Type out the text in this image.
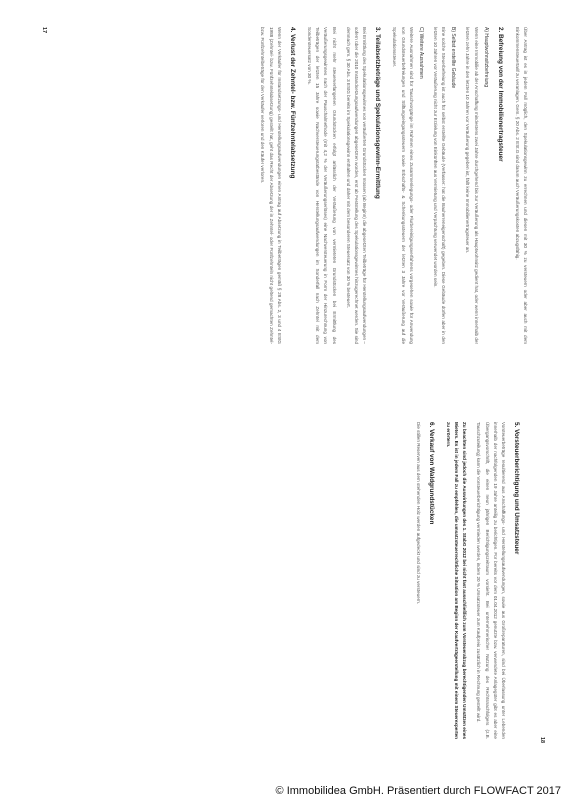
Über Antrag ist es in jedem Fall möglich, den Spekulationsgewinn zu errechnen und diesen mit 30 % zu versteuern oder aber auch mit dem Einkommensteuertarif zu veranlagen. Gem. § 20 Abs. 2 ESt.G sind darum auch Veräußerungskosten abzugsfähig.

2. Befreiung von der Immobilienertragsteuer
A) Hauptwohnsitzbefreiung

Wenn eine Immobilie ab der Anschaffung mindestens zwei Jahre durchgehend bis zur Veräußerung als Hauptwohnsitz gedient hat, oder wenn innerhalb der letzten zehn Jahre in den letzten 10 Jahren vor Veräußerung gegeben ist, fällt keine Immobilienertragsteuer an.

B) Selbst erstellte Gebäude

Eine solche Steuerbefreiung ist auch für selbst erstellte Gebäude (Verfasser: hat die Bauherreneigenschaft) gegeben. Diese Gebäude dürfen aber in den letzten 10 Jahren vor Veräußerung nicht zur Erzielung von Einkünften aus Vermietung und Verpachtung verwendet worden sein.

C) Weitere Ausnahmen

Weitere Ausnahmen sind für Tauschvorgänge im Rahmen eines Zusammenlegungs- oder Flurbereinigungsverfahrens vorgesehen sowie für Anwendung von Grundsteuerbefreiungen und Stiftungseingangssteuern sowie Erbschafts- & Schenkungssteuern der letzten 3 Jahre vor Veräußerung auf die Spekulationssteuer.

3. Teilabsetzbeträge und Spekulationsgewinn-Ermittlung

Bei Ermittlung des Spekulationsgewinnes von veräußerten Grundstücken müssen (ab Beginn) die abgesetzten Teilbeträge für Herstellungsaufwendungen – sofern über die 2010 Instandsetzungsaufwendungen abgesetzten worden, erst ab Feststellung des Spekulationsgewinnes hinzugerechnet werden. Sie sind demnach gem. § 30 Abs. 3 EStG bereits im Spekulationsgewinn enthalten und daher mit dem besonderen Steuersatz von 30 % besteuert.

Bei nicht mehr steuerverfangenen Grundstücken erfolgt anlässlich der Veräußerung von vermieteten Grundstücken bei Ermittlung des Veräußerungsgewinnes nach der Pauschalmethode (mit 4,2 % der Veräußerungserlöses) eine Nachversteuerung in Form der Hinzurechnung von Teilbeträgen der letzten 15 Jahre sowie Nachversteuerungstatbestände von Herstellungsaufwendungen im Sonderfall nach Zehntel mit dem Sondersteuersatz von 30 %.

4. Verlust der Zehntel- bzw. Fünfzehntelabsetzung

Wenn der Verkäufer für Instandsetzungs- und Herstellungsaufwendungen einen Antrag auf Absetzung in Teilbeträgen gemäß § 28 Abs. 2, 3 und 4 EStG 1988 (Zehntel- bzw. Fünfzehntelabsetzung) gestellt hat, geht das Recht der Absetzung der in Zehntel- oder Fünfzehnteln nicht geltend gemachten Zehntel- bzw. Fünfzehntelbeträge für den Verkäufer verloren und den Käufer verloren.

17
5. Vorsteuerberichtigung und Umsatzsteuer

Vorsteuerbeträge resultierend aus Anschaffungs- und Herstellungsaufwendungen, sowie aus Großreparaturen, sind bei Überlassung unter Lebenden innerhalb der nachfolgenden 19 Jahre anteilig zu berichtigen. Für bereits vor dem 01.04.2012 genutzte bzw. verwendete Anlagegüter gibt es aber eine Übergangsvorschrift, die einen neun jährigen Berichtigungszeitraum vorsieht. Bei unternehmerischer Nutzung des Rechtsnachfolgers (z.B. Tauschzuteilung) kann die Vorsteuerberichtigung vermieden werden, indem 20 % Umsatzsteuer zum Kaufpreis zusätzlich in Rechnung gestellt wird.

Zu beachten sind jedoch die Auswirkungen des 1. StabG 2012 bei nicht fast ausschließlich zum Vorsteuerabzug berechtigenden Umsätzen eines Mieters. Es ist in jedem Fall zu empfehlen, die umsatzsteuerrechtliche Situation am Beginn der Kaufverträgeerstellung mit einem Steuerexperten zu erörtern.

6. Verkauf von Waldgrundstücken

Die stillen Reserven aus dem stehenden Holz werden aufgedeckt und sind zu versteuern.

18
© Immobilidea GmbH. Präsentiert durch FLOWFACT 2017
